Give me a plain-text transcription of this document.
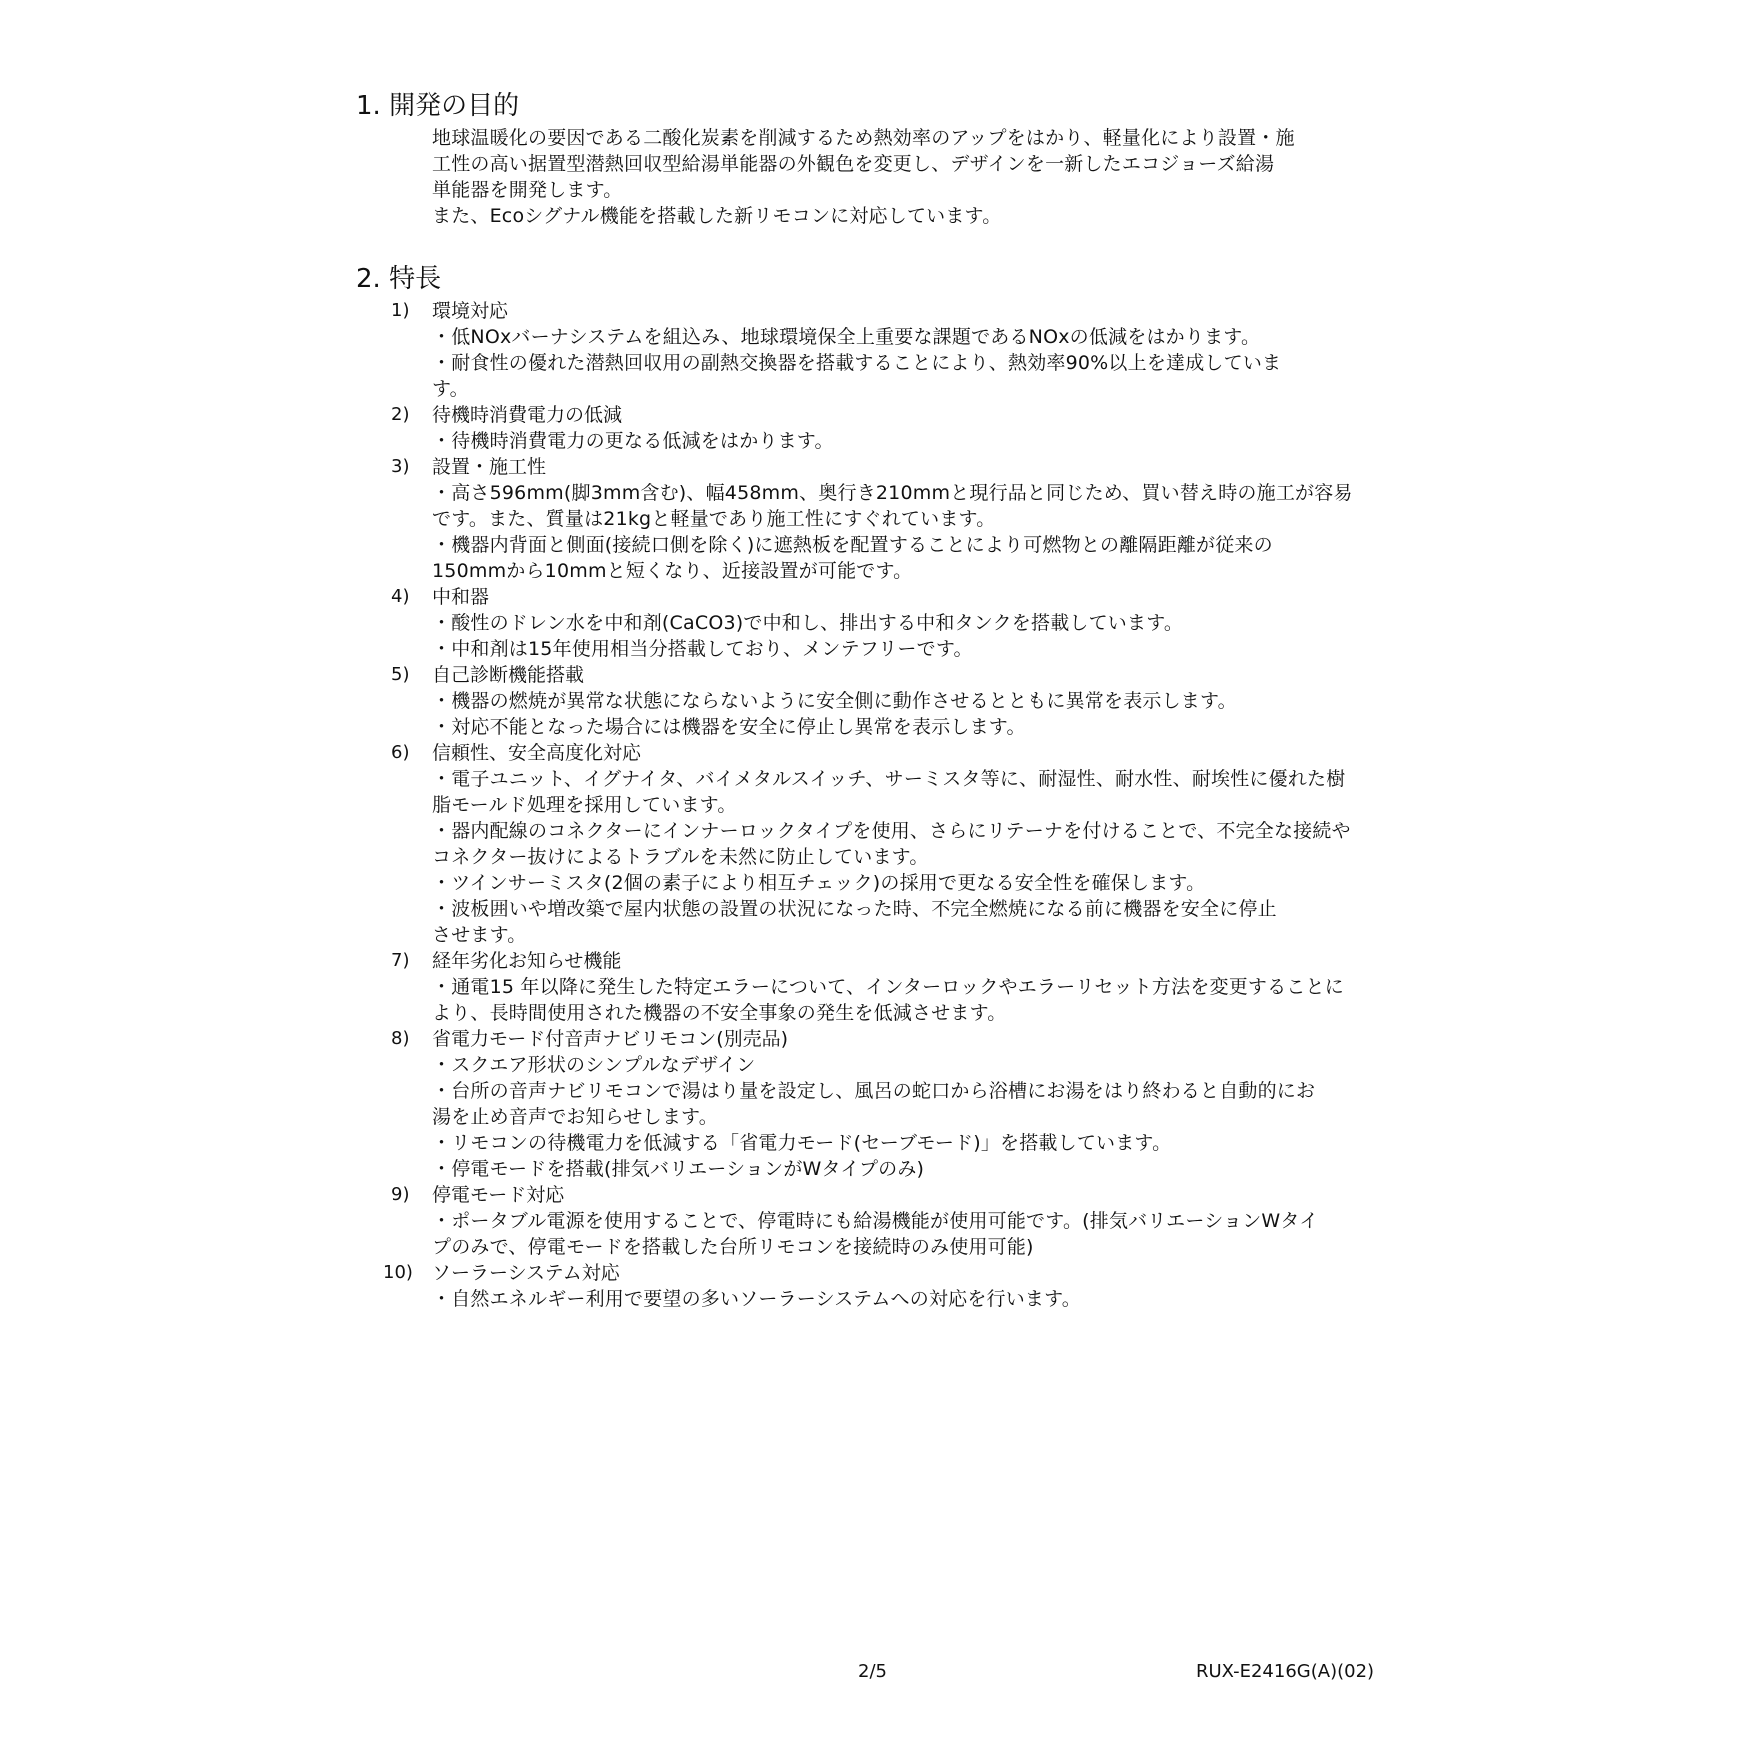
1. 開発の目的
地球温暖化の要因である二酸化炭素を削減するため熱効率のアップをはかり、軽量化により設置・施
工性の高い据置型潜熱回収型給湯単能器の外観色を変更し、デザインを一新したエコジョーズ給湯
単能器を開発します。
また、Ecoシグナル機能を搭載した新リモコンに対応しています。
2. 特長
1) 環境対応
・低NOxバーナシステムを組込み、地球環境保全上重要な課題であるNOxの低減をはかります。
・耐食性の優れた潜熱回収用の副熱交換器を搭載することにより、熱効率90%以上を達成していま
す。
2) 待機時消費電力の低減
・待機時消費電力の更なる低減をはかります。
3) 設置・施工性
・高さ596mm(脚3mm含む)、幅458mm、奥行き210mmと現行品と同じため、買い替え時の施工が容易
です。また、質量は21kgと軽量であり施工性にすぐれています。
・機器内背面と側面(接続口側を除く)に遮熱板を配置することにより可燃物との離隔距離が従来の
150mmから10mmと短くなり、近接設置が可能です。
4) 中和器
・酸性のドレン水を中和剤(CaCO3)で中和し、排出する中和タンクを搭載しています。
・中和剤は15年使用相当分搭載しており、メンテフリーです。
5) 自己診断機能搭載
・機器の燃焼が異常な状態にならないように安全側に動作させるとともに異常を表示します。
・対応不能となった場合には機器を安全に停止し異常を表示します。
6) 信頼性、安全高度化対応
・電子ユニット、イグナイタ、バイメタルスイッチ、サーミスタ等に、耐湿性、耐水性、耐埃性に優れた樹
脂モールド処理を採用しています。
・器内配線のコネクターにインナーロックタイプを使用、さらにリテーナを付けることで、不完全な接続や
コネクター抜けによるトラブルを未然に防止しています。
・ツインサーミスタ(2個の素子により相互チェック)の採用で更なる安全性を確保します。
・波板囲いや増改築で屋内状態の設置の状況になった時、不完全燃焼になる前に機器を安全に停止
させます。
7) 経年劣化お知らせ機能
・通電15 年以降に発生した特定エラーについて、インターロックやエラーリセット方法を変更することに
より、長時間使用された機器の不安全事象の発生を低減させます。
8) 省電力モード付音声ナビリモコン(別売品)
・スクエア形状のシンプルなデザイン
・台所の音声ナビリモコンで湯はり量を設定し、風呂の蛇口から浴槽にお湯をはり終わると自動的にお
湯を止め音声でお知らせします。
・リモコンの待機電力を低減する「省電力モード(セーブモード)」を搭載しています。
・停電モードを搭載(排気バリエーションがWタイプのみ)
9) 停電モード対応
・ポータブル電源を使用することで、停電時にも給湯機能が使用可能です。(排気バリエーションWタイ
プのみで、停電モードを搭載した台所リモコンを接続時のみ使用可能)
10) ソーラーシステム対応
・自然エネルギー利用で要望の多いソーラーシステムへの対応を行います。
2/5	RUX-E2416G(A)(02)
